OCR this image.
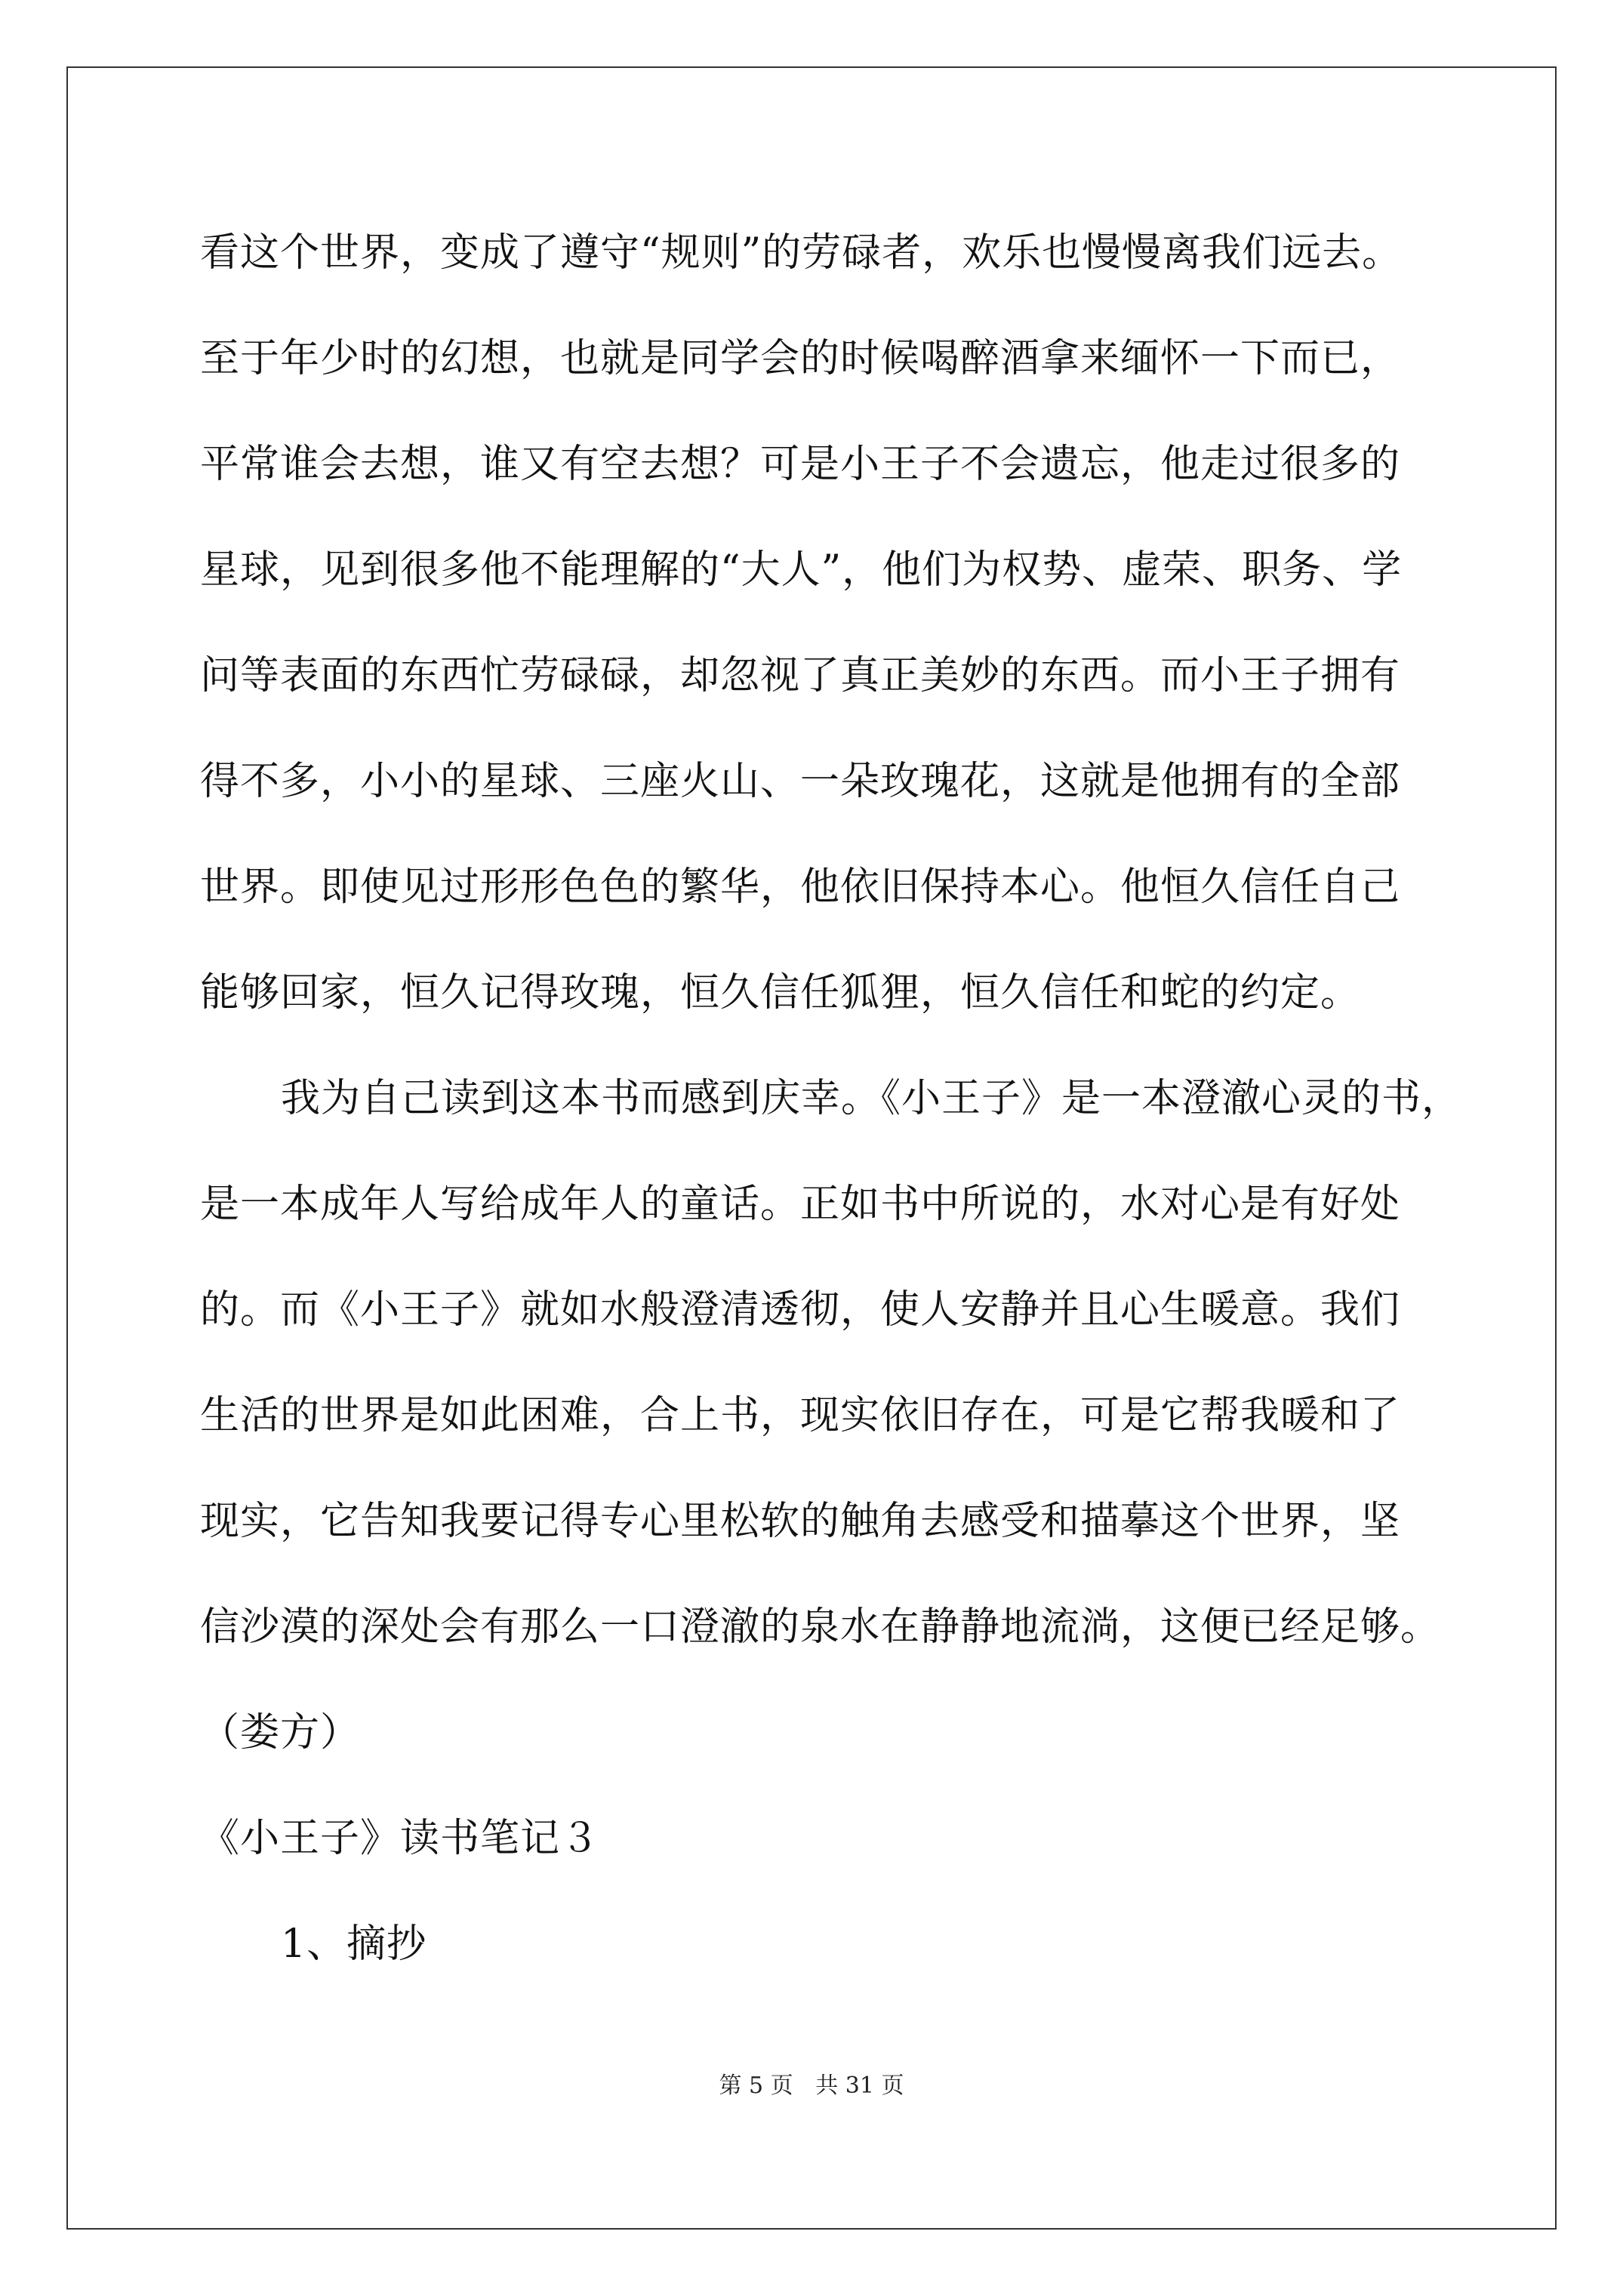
看这个世界，变成了遵守“规则”的劳碌者，欢乐也慢慢离我们远去。
至于年少时的幻想，也就是同学会的时候喝醉酒拿来缅怀一下而已，
平常谁会去想，谁又有空去想？可是小王子不会遗忘，他走过很多的
星球，见到很多他不能理解的“大人”，他们为权势、虚荣、职务、学
问等表面的东西忙劳碌碌，却忽视了真正美妙的东西。而小王子拥有
得不多，小小的星球、三座火山、一朵玫瑰花，这就是他拥有的全部
世界。即使见过形形色色的繁华，他依旧保持本心。他恒久信任自己
能够回家，恒久记得玫瑰，恒久信任狐狸，恒久信任和蛇的约定。
我为自己读到这本书而感到庆幸。《小王子》是一本澄澈心灵的书，
是一本成年人写给成年人的童话。正如书中所说的，水对心是有好处
的。而《小王子》就如水般澄清透彻，使人安静并且心生暖意。我们
生活的世界是如此困难，合上书，现实依旧存在，可是它帮我暖和了
现实，它告知我要记得专心里松软的触角去感受和描摹这个世界，坚
信沙漠的深处会有那么一口澄澈的泉水在静静地流淌，这便已经足够。
（娄方）
《小王子》读书笔记３
1、摘抄
第 5 页 共 31 页
